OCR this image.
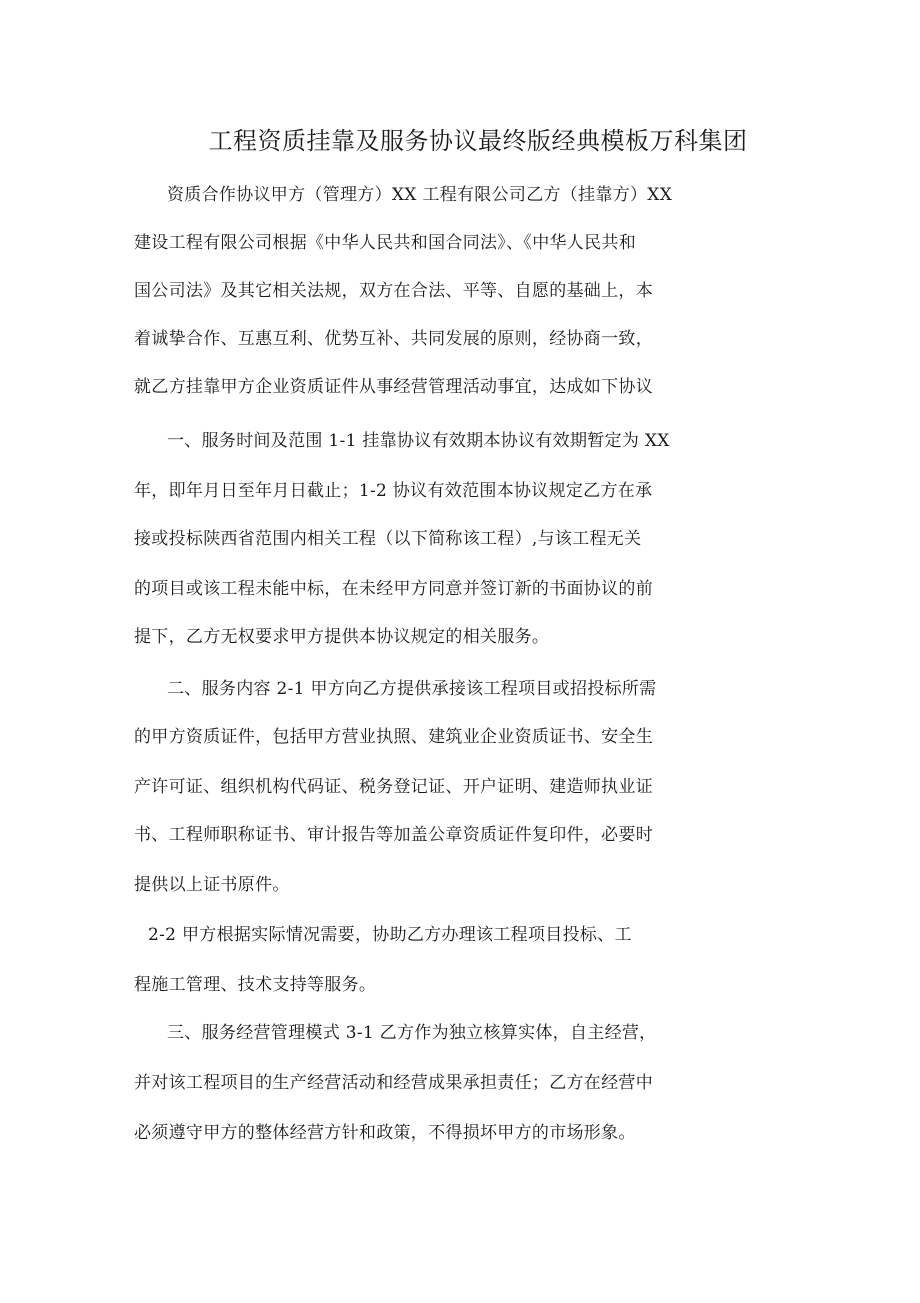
工程资质挂靠及服务协议最终版经典模板万科集团
资质合作协议甲方（管理方）XX 工程有限公司乙方（挂靠方）XX
建设工程有限公司根据《中华人民共和国合同法》、《中华人民共和
国公司法》及其它相关法规，双方在合法、平等、自愿的基础上，本
着诚挚合作、互惠互利、优势互补、共同发展的原则，经协商一致，
就乙方挂靠甲方企业资质证件从事经营管理活动事宜，达成如下协议
一、服务时间及范围 1-1 挂靠协议有效期本协议有效期暂定为 XX
年，即年月日至年月日截止；1-2 协议有效范围本协议规定乙方在承
接或投标陕西省范围内相关工程（以下简称该工程）,与该工程无关
的项目或该工程未能中标，在未经甲方同意并签订新的书面协议的前
提下，乙方无权要求甲方提供本协议规定的相关服务。
二、服务内容 2-1 甲方向乙方提供承接该工程项目或招投标所需
的甲方资质证件，包括甲方营业执照、建筑业企业资质证书、安全生
产许可证、组织机构代码证、税务登记证、开户证明、建造师执业证
书、工程师职称证书、审计报告等加盖公章资质证件复印件，必要时
提供以上证书原件。
2-2 甲方根据实际情况需要，协助乙方办理该工程项目投标、工
程施工管理、技术支持等服务。
三、服务经营管理模式 3-1 乙方作为独立核算实体，自主经营，
并对该工程项目的生产经营活动和经营成果承担责任；乙方在经营中
必须遵守甲方的整体经营方针和政策，不得损坏甲方的市场形象。
